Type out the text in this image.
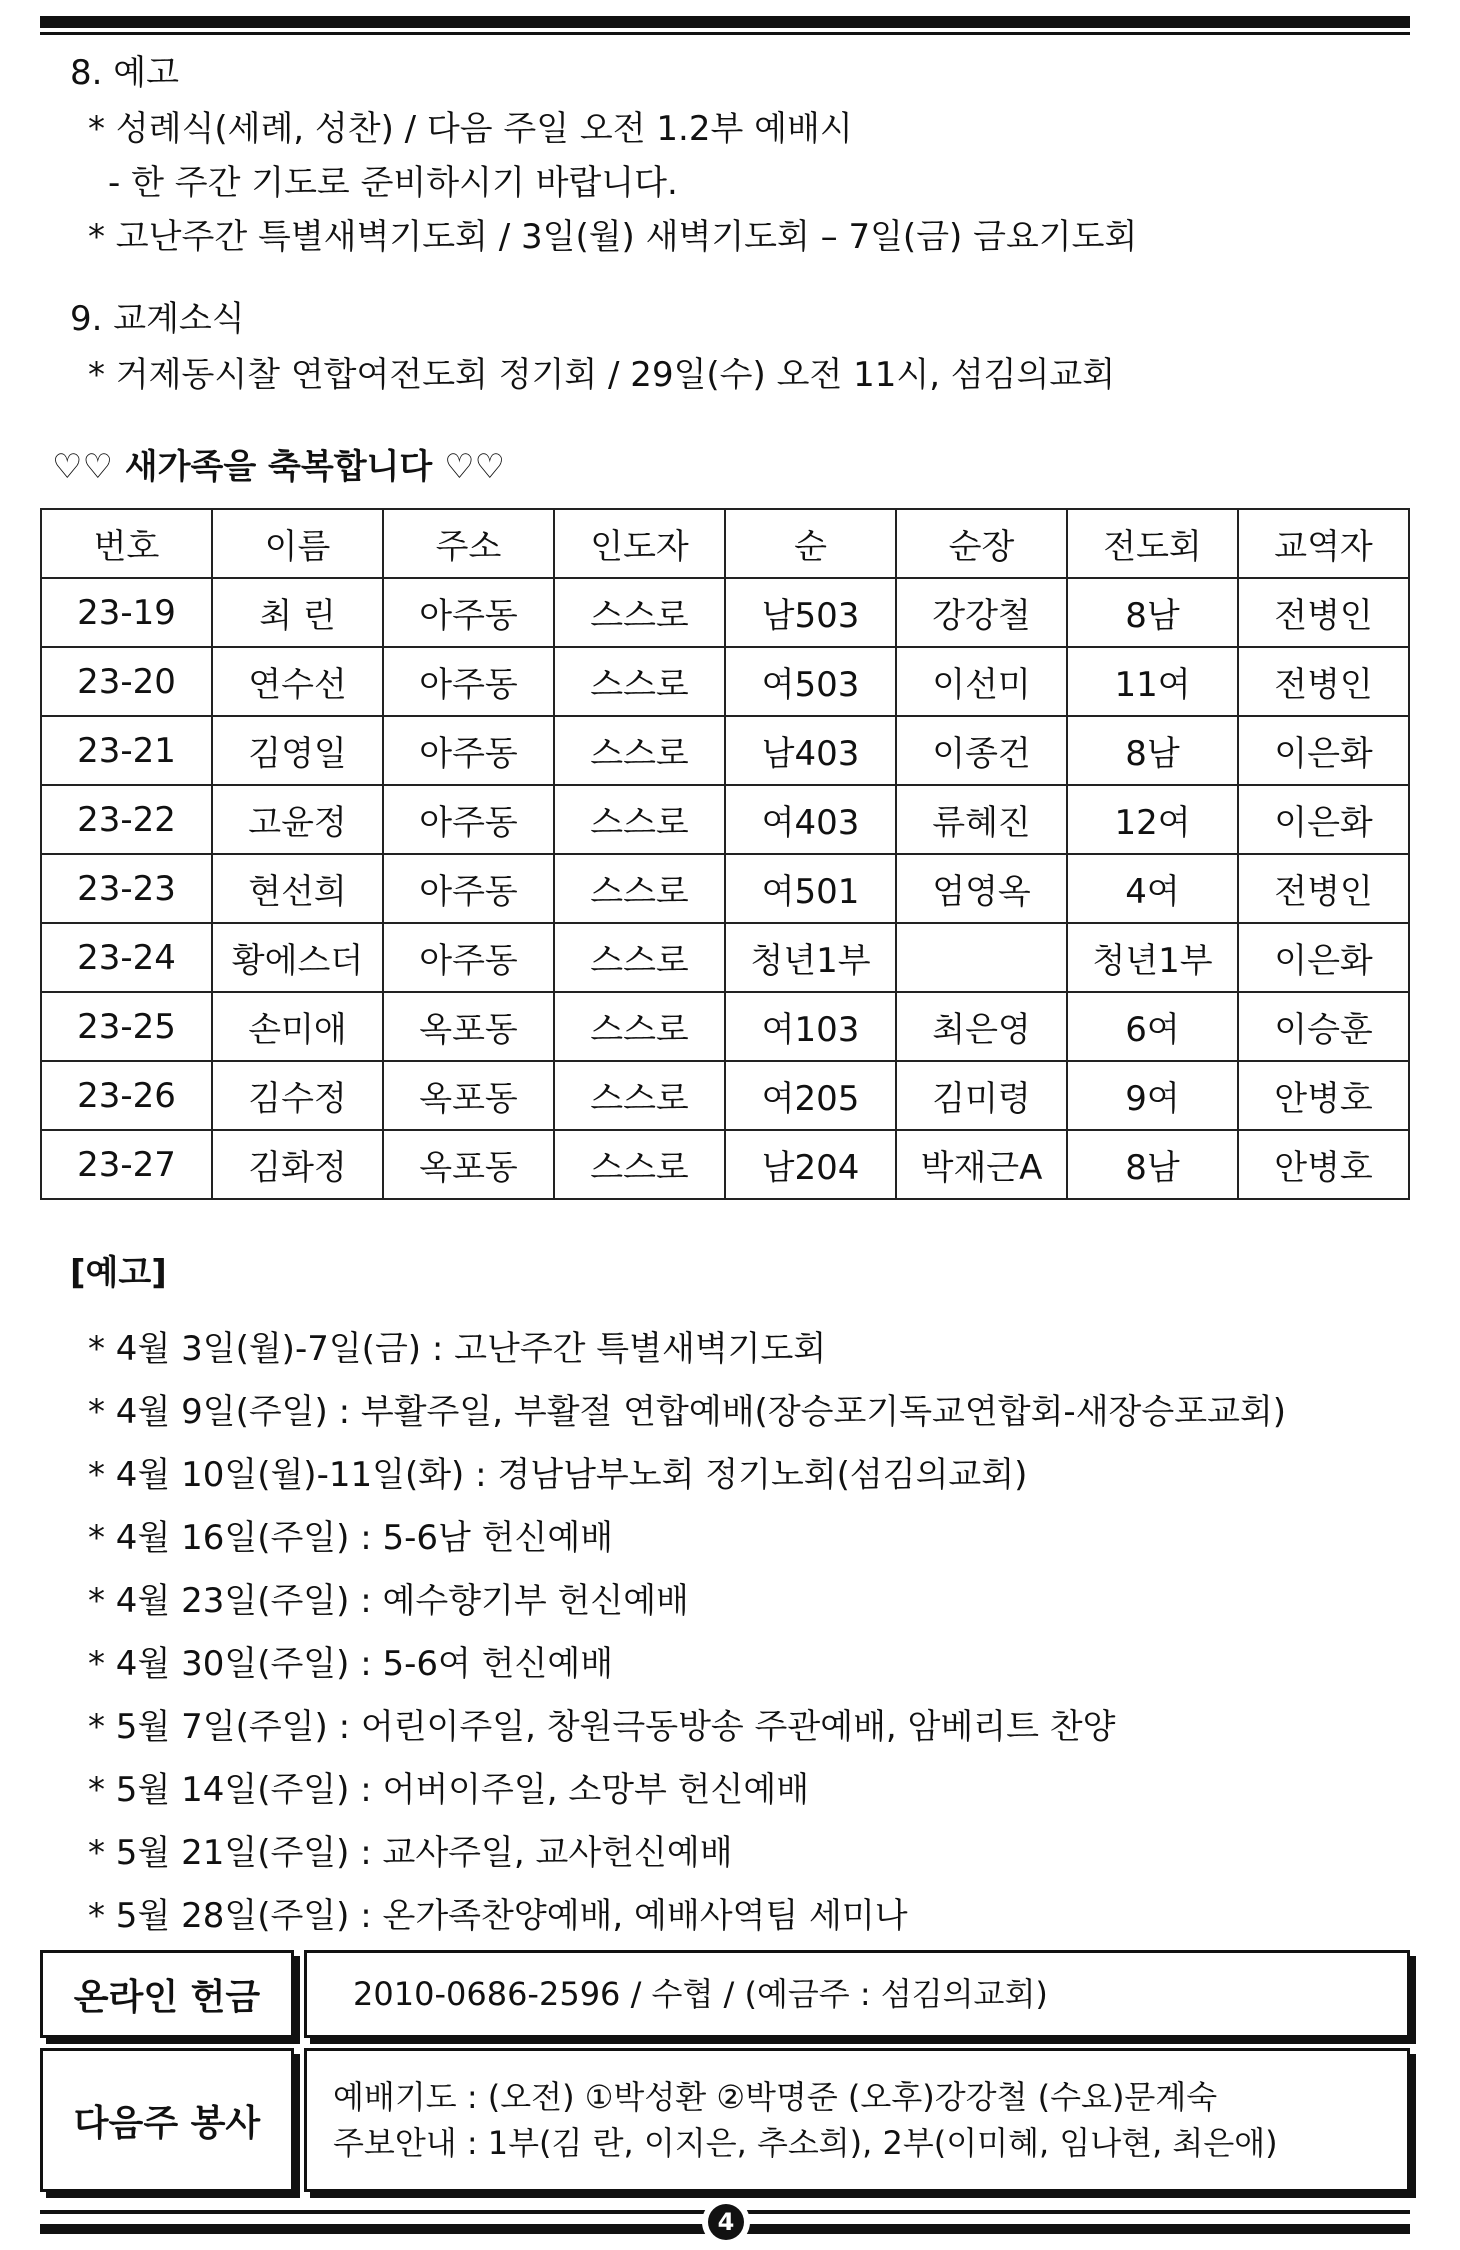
8. 예고
* 성례식(세례, 성찬) / 다음 주일 오전 1.2부 예배시
- 한 주간 기도로 준비하시기 바랍니다.
* 고난주간 특별새벽기도회 / 3일(월) 새벽기도회 – 7일(금) 금요기도회
9. 교계소식
* 거제동시찰 연합여전도회 정기회 / 29일(수) 오전 11시, 섬김의교회
♡♡ 새가족을 축복합니다 ♡♡
번호	이름	주소	인도자	순	순장	전도회	교역자
23-19	최 린	아주동	스스로	남503	강강철	8남	전병인
23-20	연수선	아주동	스스로	여503	이선미	11여	전병인
23-21	김영일	아주동	스스로	남403	이종건	8남	이은화
23-22	고윤정	아주동	스스로	여403	류혜진	12여	이은화
23-23	현선희	아주동	스스로	여501	엄영옥	4여	전병인
23-24	황에스더	아주동	스스로	청년1부		청년1부	이은화
23-25	손미애	옥포동	스스로	여103	최은영	6여	이승훈
23-26	김수정	옥포동	스스로	여205	김미령	9여	안병호
23-27	김화정	옥포동	스스로	남204	박재근A	8남	안병호
[예고]
* 4월 3일(월)-7일(금) : 고난주간 특별새벽기도회
* 4월 9일(주일) : 부활주일, 부활절 연합예배(장승포기독교연합회-새장승포교회)
* 4월 10일(월)-11일(화) : 경남남부노회 정기노회(섬김의교회)
* 4월 16일(주일) : 5-6남 헌신예배
* 4월 23일(주일) : 예수향기부 헌신예배
* 4월 30일(주일) : 5-6여 헌신예배
* 5월 7일(주일) : 어린이주일, 창원극동방송 주관예배, 암베리트 찬양
* 5월 14일(주일) : 어버이주일, 소망부 헌신예배
* 5월 21일(주일) : 교사주일, 교사헌신예배
* 5월 28일(주일) : 온가족찬양예배, 예배사역팀 세미나
온라인 헌금	2010-0686-2596 / 수협 / (예금주 : 섬김의교회)
다음주 봉사
예배기도 : (오전) ①박성환 ②박명준 (오후)강강철 (수요)문계숙
주보안내 : 1부(김 란, 이지은, 추소희), 2부(이미혜, 임나현, 최은애)
4
